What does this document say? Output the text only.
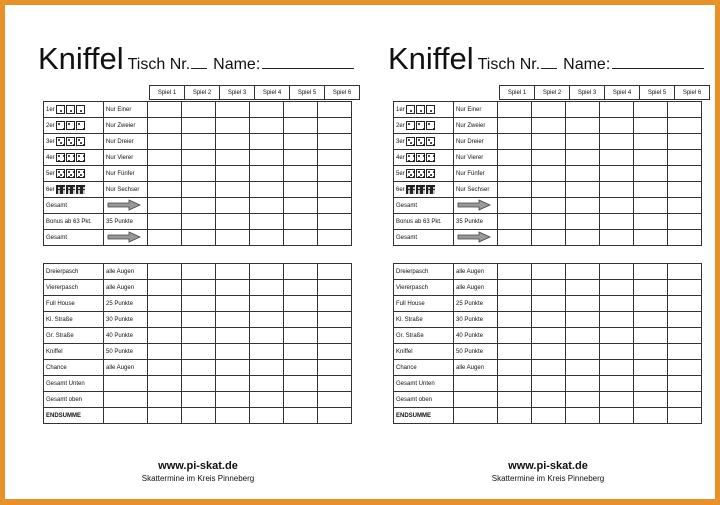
Kniffel Tisch Nr. Name:
Spiel 1	Spiel 2	Spiel 3	Spiel 4	Spiel 5	Spiel 6
1er	Nur Einer						
2er	Nur Zweier						
3er	Nur Dreier						
4er	Nur Vierer						
5er	Nur Fünfer						
6er	Nur Sechser						
Gesamt							
Bonus ab 63 Pkt.	35 Punkte						
Gesamt							
Dreierpasch	alle Augen						
Viererpasch	alle Augen						
Full House	25 Punkte						
Kl. Straße	30 Punkte						
Gr. Straße	40 Punkte						
Kniffel	50 Punkte						
Chance	alle Augen						
Gesamt Unten							
Gesamt oben							
ENDSUMME							
www.pi-skat.de
Skattermine im Kreis Pinneberg
Kniffel Tisch Nr. Name:
Spiel 1	Spiel 2	Spiel 3	Spiel 4	Spiel 5	Spiel 6
1er	Nur Einer						
2er	Nur Zweier						
3er	Nur Dreier						
4er	Nur Vierer						
5er	Nur Fünfer						
6er	Nur Sechser						
Gesamt							
Bonus ab 63 Pkt.	35 Punkte						
Gesamt							
Dreierpasch	alle Augen						
Viererpasch	alle Augen						
Full House	25 Punkte						
Kl. Straße	30 Punkte						
Gr. Straße	40 Punkte						
Kniffel	50 Punkte						
Chance	alle Augen						
Gesamt Unten							
Gesamt oben							
ENDSUMME							
www.pi-skat.de
Skattermine im Kreis Pinneberg
